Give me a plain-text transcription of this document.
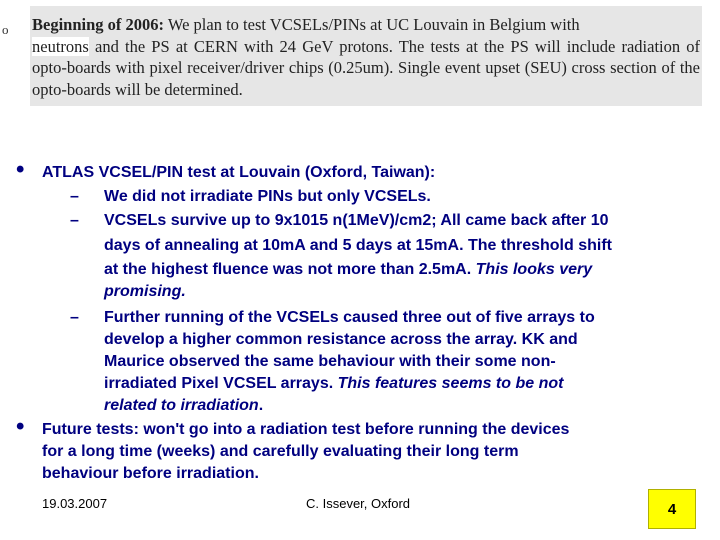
o Beginning of 2006: We plan to test VCSELs/PINs at UC Louvain in Belgium with
neutrons and the PS at CERN with 24 GeV protons. The tests at the PS will include radiation of opto-boards with pixel receiver/driver chips (0.25um). Single event upset (SEU) cross section of the opto-boards will be determined.
• ATLAS VCSEL/PIN test at Louvain (Oxford, Taiwan):
– We did not irradiate PINs but only VCSELs.
– VCSELs survive up to 9x1015 n(1MeV)/cm2; All came back after 10
days of annealing at 10mA and 5 days at 15mA. The threshold shift
at the highest fluence was not more than 2.5mA. This looks very
promising.
– Further running of the VCSELs caused three out of five arrays to
develop a higher common resistance across the array. KK and
Maurice observed the same behaviour with their some non-
irradiated Pixel VCSEL arrays. This features seems to be not
related to irradiation.
• Future tests: won't go into a radiation test before running the devices
for a long time (weeks) and carefully evaluating their long term
behaviour before irradiation.
19.03.2007	C. Issever, Oxford	4
